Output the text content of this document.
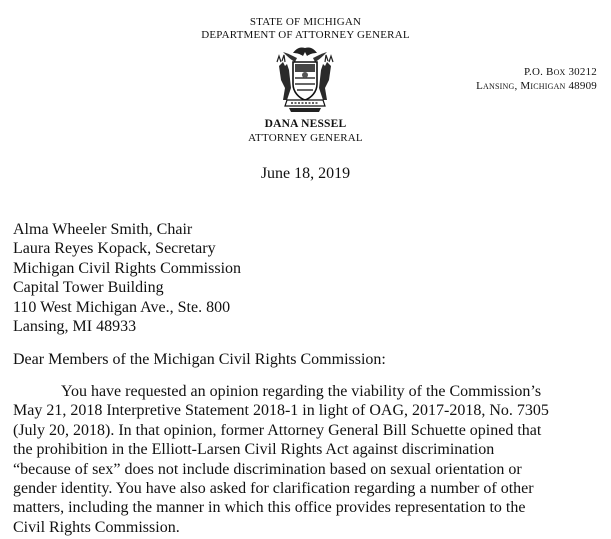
STATE OF MICHIGAN
DEPARTMENT OF ATTORNEY GENERAL
P.O. Box 30212
Lansing, Michigan 48909
DANA NESSEL
ATTORNEY GENERAL
June 18, 2019
Alma Wheeler Smith, Chair
Laura Reyes Kopack, Secretary
Michigan Civil Rights Commission
Capital Tower Building
110 West Michigan Ave., Ste. 800
Lansing, MI 48933
Dear Members of the Michigan Civil Rights Commission:
You have requested an opinion regarding the viability of the Commission’s
May 21, 2018 Interpretive Statement 2018-1 in light of OAG, 2017-2018, No. 7305
(July 20, 2018). In that opinion, former Attorney General Bill Schuette opined that
the prohibition in the Elliott-Larsen Civil Rights Act against discrimination
“because of sex” does not include discrimination based on sexual orientation or
gender identity. You have also asked for clarification regarding a number of other
matters, including the manner in which this office provides representation to the
Civil Rights Commission.
